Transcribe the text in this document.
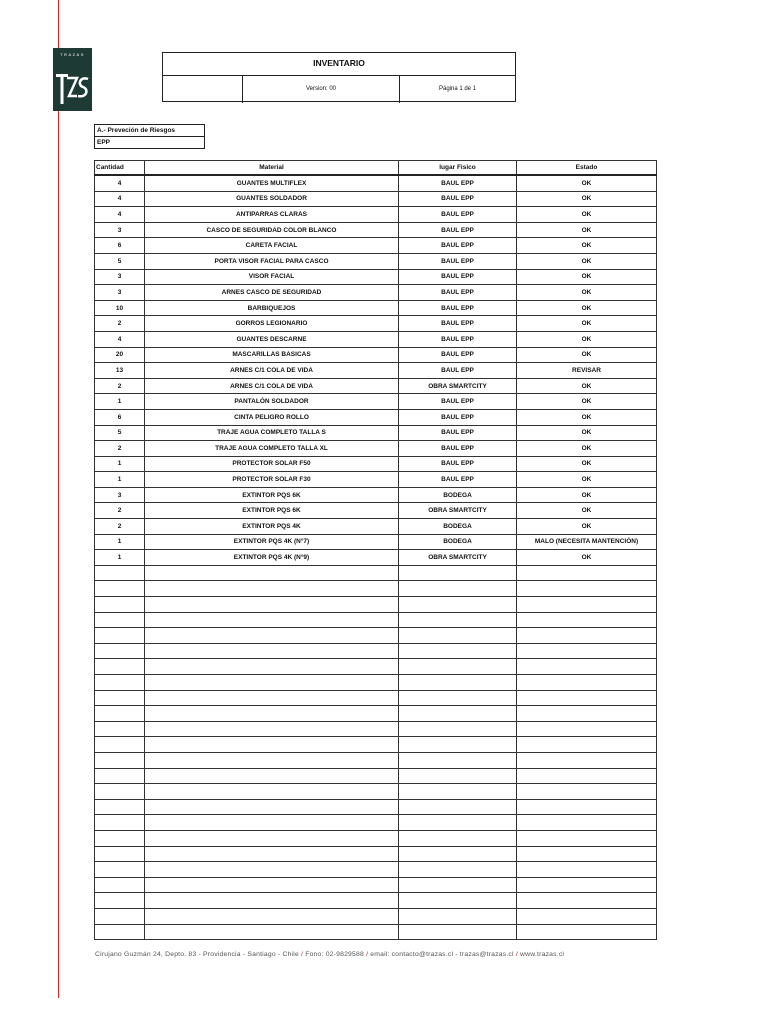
TRAZAS
INVENTARIO
Version: 00	Página 1 de 1
A.- Preveción de Riesgos
EPP
Cantidad	Material	lugar Fisico	Estado
4	GUANTES MULTIFLEX	BAUL EPP	OK
4	GUANTES SOLDADOR	BAUL EPP	OK
4	ANTIPARRAS CLARAS	BAUL EPP	OK
3	CASCO DE SEGURIDAD COLOR BLANCO	BAUL EPP	OK
6	CARETA FACIAL	BAUL EPP	OK
5	PORTA VISOR FACIAL PARA CASCO	BAUL EPP	OK
3	VISOR FACIAL	BAUL EPP	OK
3	ARNES CASCO DE SEGURIDAD	BAUL EPP	OK
10	BARBIQUEJOS	BAUL EPP	OK
2	GORROS LEGIONARIO	BAUL EPP	OK
4	GUANTES DESCARNE	BAUL EPP	OK
20	MASCARILLAS BASICAS	BAUL EPP	OK
13	ARNES C/1 COLA DE VIDA	BAUL EPP	REVISAR
2	ARNES C/1 COLA DE VIDA	OBRA SMARTCITY	OK
1	PANTALÓN SOLDADOR	BAUL EPP	OK
6	CINTA PELIGRO ROLLO	BAUL EPP	OK
5	TRAJE AGUA COMPLETO TALLA S	BAUL EPP	OK
2	TRAJE AGUA COMPLETO TALLA XL	BAUL EPP	OK
1	PROTECTOR SOLAR F50	BAUL EPP	OK
1	PROTECTOR SOLAR F30	BAUL EPP	OK
3	EXTINTOR PQS 6K	BODEGA	OK
2	EXTINTOR PQS 6K	OBRA SMARTCITY	OK
2	EXTINTOR PQS 4K	BODEGA	OK
1	EXTINTOR PQS 4K (N°7)	BODEGA	MALO (NECESITA MANTENCIÓN)
1	EXTINTOR PQS 4K (N°9)	OBRA SMARTCITY	OK

Cirujano Guzmán 24, Depto. 83 - Providencia - Santiago - Chile / Fono: 02-9829588 / email: contacto@trazas.cl - trazas@trazas.cl / www.trazas.cl
